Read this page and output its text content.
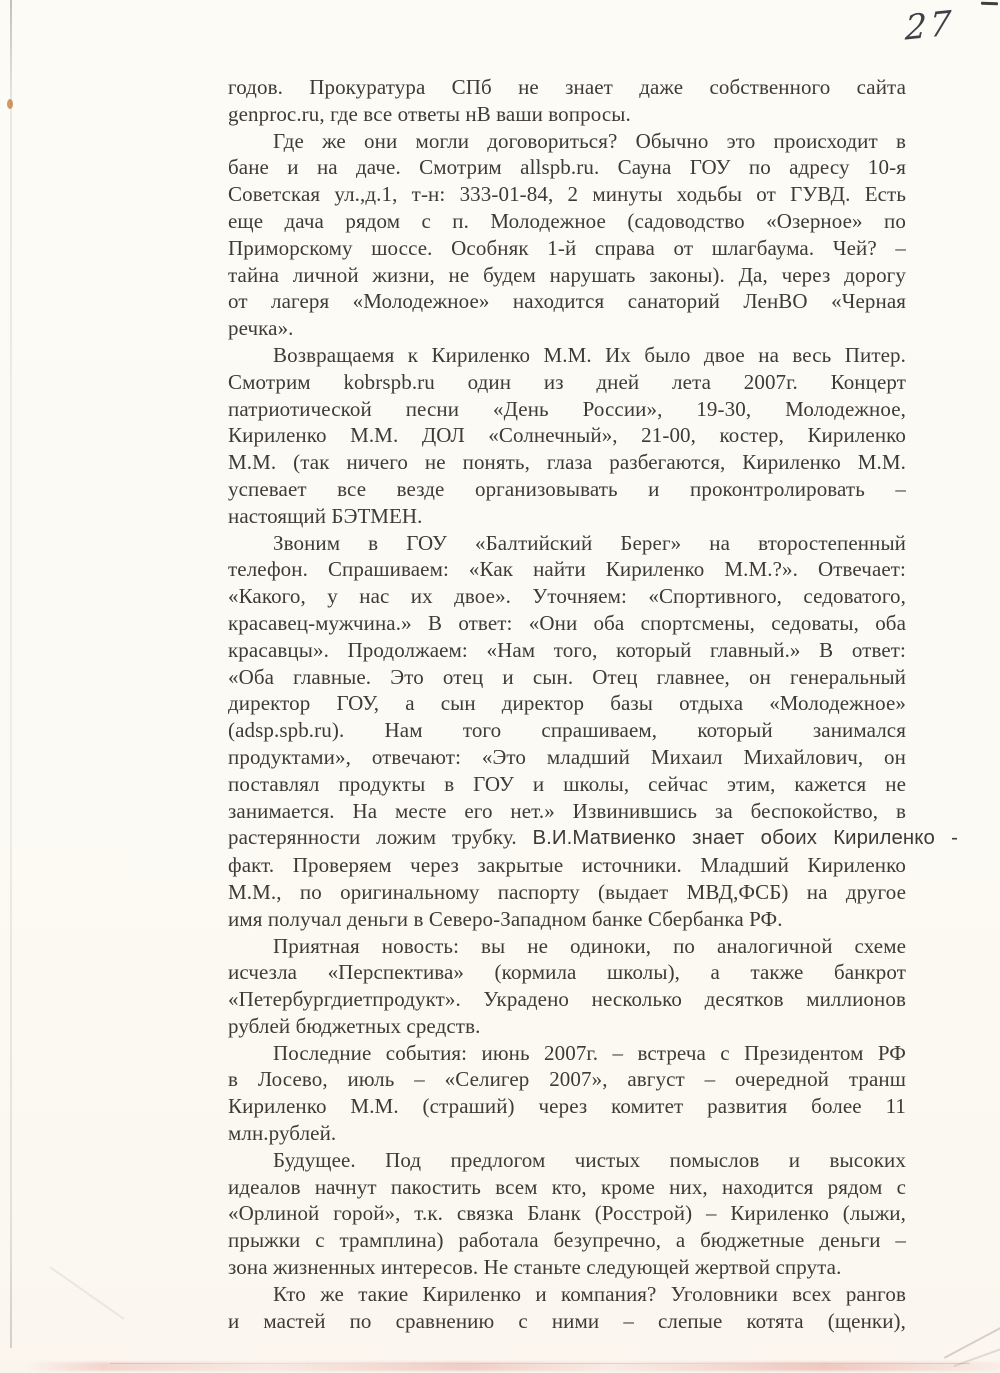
27
годов. Прокуратура СПб не знает даже собственного сайта
genproc.ru, где все ответы нВ ваши вопросы.
Где же они могли договориться? Обычно это происходит в
бане и на даче. Смотрим allspb.ru. Сауна ГОУ по адресу 10-я
Советская ул.,д.1, т-н: 333-01-84, 2 минуты ходьбы от ГУВД. Есть
еще дача рядом с п. Молодежное (садоводство «Озерное» по
Приморскому шоссе. Особняк 1-й справа от шлагбаума. Чей? –
тайна личной жизни, не будем нарушать законы). Да, через дорогу
от лагеря «Молодежное» находится санаторий ЛенВО «Черная
речка».
Возвращаемя к Кириленко М.М. Их было двое на весь Питер.
Смотрим kobrspb.ru один из дней лета 2007г. Концерт
патриотической песни «День России», 19-30, Молодежное,
Кириленко М.М. ДОЛ «Солнечный», 21-00, костер, Кириленко
М.М. (так ничего не понять, глаза разбегаются, Кириленко М.М.
успевает все везде организовывать и проконтролировать –
настоящий БЭТМЕН.
Звоним в ГОУ «Балтийский Берег» на второстепенный
телефон. Спрашиваем: «Как найти Кириленко М.М.?». Отвечает:
«Какого, у нас их двое». Уточняем: «Спортивного, седоватого,
красавец-мужчина.» В ответ: «Они оба спортсмены, седоваты, оба
красавцы». Продолжаем: «Нам того, который главный.» В ответ:
«Оба главные. Это отец и сын. Отец главнее, он генеральный
директор ГОУ, а сын директор базы отдыха «Молодежное»
(adsp.spb.ru). Нам того спрашиваем, который занимался
продуктами», отвечают: «Это младший Михаил Михайлович, он
поставлял продукты в ГОУ и школы, сейчас этим, кажется не
занимается. На месте его нет.» Извинившись за беспокойство, в
растерянности ложим трубку. В.И.Матвиенко знает обоих Кириленко -
факт. Проверяем через закрытые источники. Младший Кириленко
М.М., по оригинальному паспорту (выдает МВД,ФСБ) на другое
имя получал деньги в Северо-Западном банке Сбербанка РФ.
Приятная новость: вы не одиноки, по аналогичной схеме
исчезла «Перспектива» (кормила школы), а также банкрот
«Петербургдиетпродукт». Украдено несколько десятков миллионов
рублей бюджетных средств.
Последние события: июнь 2007г. – встреча с Президентом РФ
в Лосево, июль – «Селигер 2007», август – очередной транш
Кириленко М.М. (страший) через комитет развития более 11
млн.рублей.
Будущее. Под предлогом чистых помыслов и высоких
идеалов начнут пакостить всем кто, кроме них, находится рядом с
«Орлиной горой», т.к. связка Бланк (Росстрой) – Кириленко (лыжи,
прыжки с трамплина) работала безупречно, а бюджетные деньги –
зона жизненных интересов. Не станьте следующей жертвой спрута.
Кто же такие Кириленко и компания? Уголовники всех рангов
и мастей по сравнению с ними – слепые котята (щенки),
